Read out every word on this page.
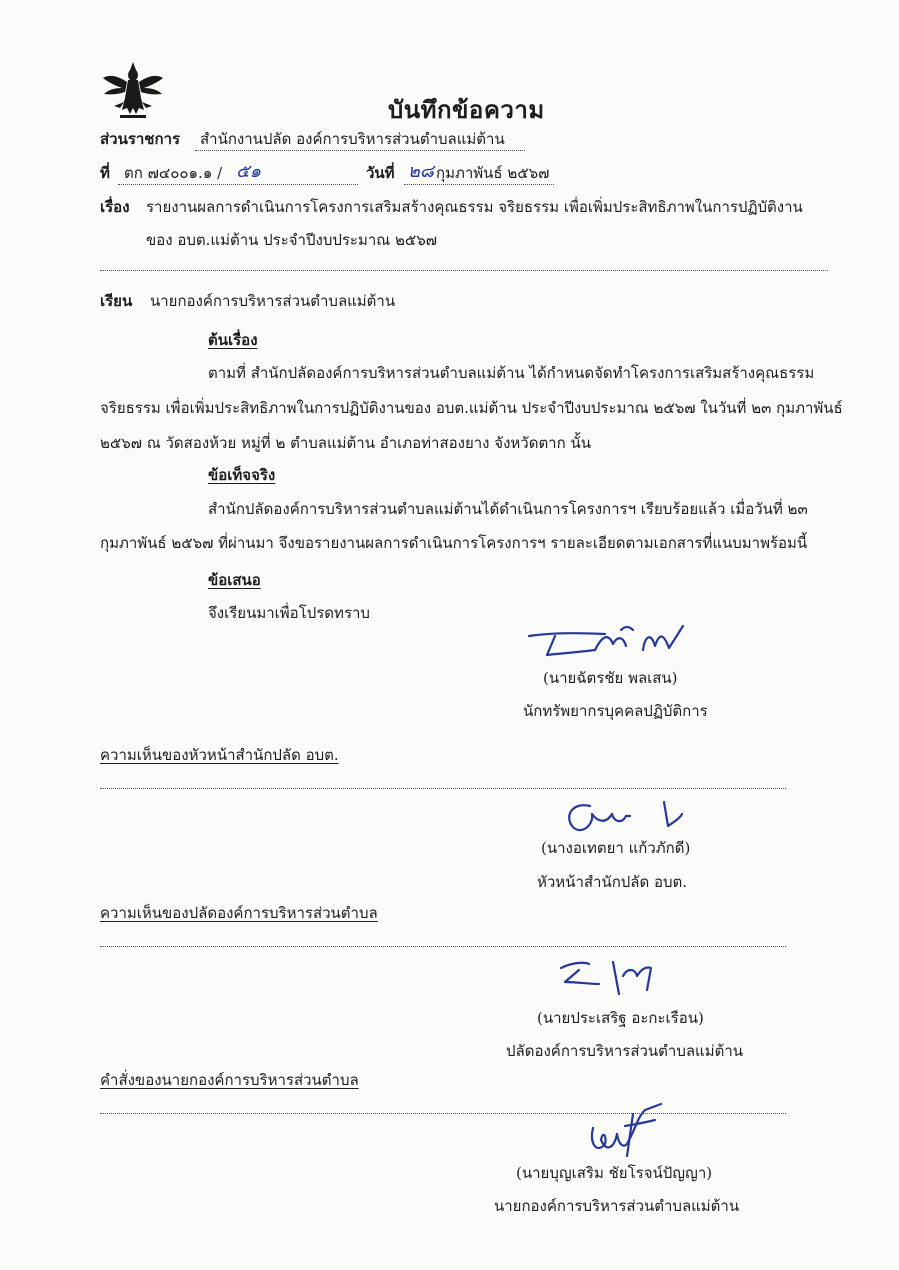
บันทึกข้อความ
ส่วนราชการ สำนักงานปลัด องค์การบริหารส่วนตำบลแม่ต้าน
ที่ ตก ๗๔๐๐๑.๑ / ๕๑	วันที่ ๒๘ กุมภาพันธ์ ๒๕๖๗
เรื่อง รายงานผลการดำเนินการโครงการเสริมสร้างคุณธรรม จริยธรรม เพื่อเพิ่มประสิทธิภาพในการปฏิบัติงาน
ของ อบต.แม่ต้าน ประจำปีงบประมาณ ๒๕๖๗
เรียน นายกองค์การบริหารส่วนตำบลแม่ต้าน
ต้นเรื่อง
ตามที่ สำนักปลัดองค์การบริหารส่วนตำบลแม่ต้าน ได้กำหนดจัดทำโครงการเสริมสร้างคุณธรรม
จริยธรรม เพื่อเพิ่มประสิทธิภาพในการปฏิบัติงานของ อบต.แม่ต้าน ประจำปีงบประมาณ ๒๕๖๗ ในวันที่ ๒๓ กุมภาพันธ์
๒๕๖๗ ณ วัดสองห้วย หมู่ที่ ๒ ตำบลแม่ต้าน อำเภอท่าสองยาง จังหวัดตาก นั้น
ข้อเท็จจริง
สำนักปลัดองค์การบริหารส่วนตำบลแม่ต้านได้ดำเนินการโครงการฯ เรียบร้อยแล้ว เมื่อวันที่ ๒๓
กุมภาพันธ์ ๒๕๖๗ ที่ผ่านมา จึงขอรายงานผลการดำเนินการโครงการฯ รายละเอียดตามเอกสารที่แนบมาพร้อมนี้
ข้อเสนอ
จึงเรียนมาเพื่อโปรดทราบ
(นายฉัตรชัย พลเสน)
นักทรัพยากรบุคคลปฏิบัติการ
ความเห็นของหัวหน้าสำนักปลัด อบต.
(นางอเทตยา แก้วภักดี)
หัวหน้าสำนักปลัด อบต.
ความเห็นของปลัดองค์การบริหารส่วนตำบล
(นายประเสริฐ อะกะเรือน)
ปลัดองค์การบริหารส่วนตำบลแม่ต้าน
คำสั่งของนายกองค์การบริหารส่วนตำบล
(นายบุญเสริม ชัยโรจน์ปัญญา)
นายกองค์การบริหารส่วนตำบลแม่ต้าน
